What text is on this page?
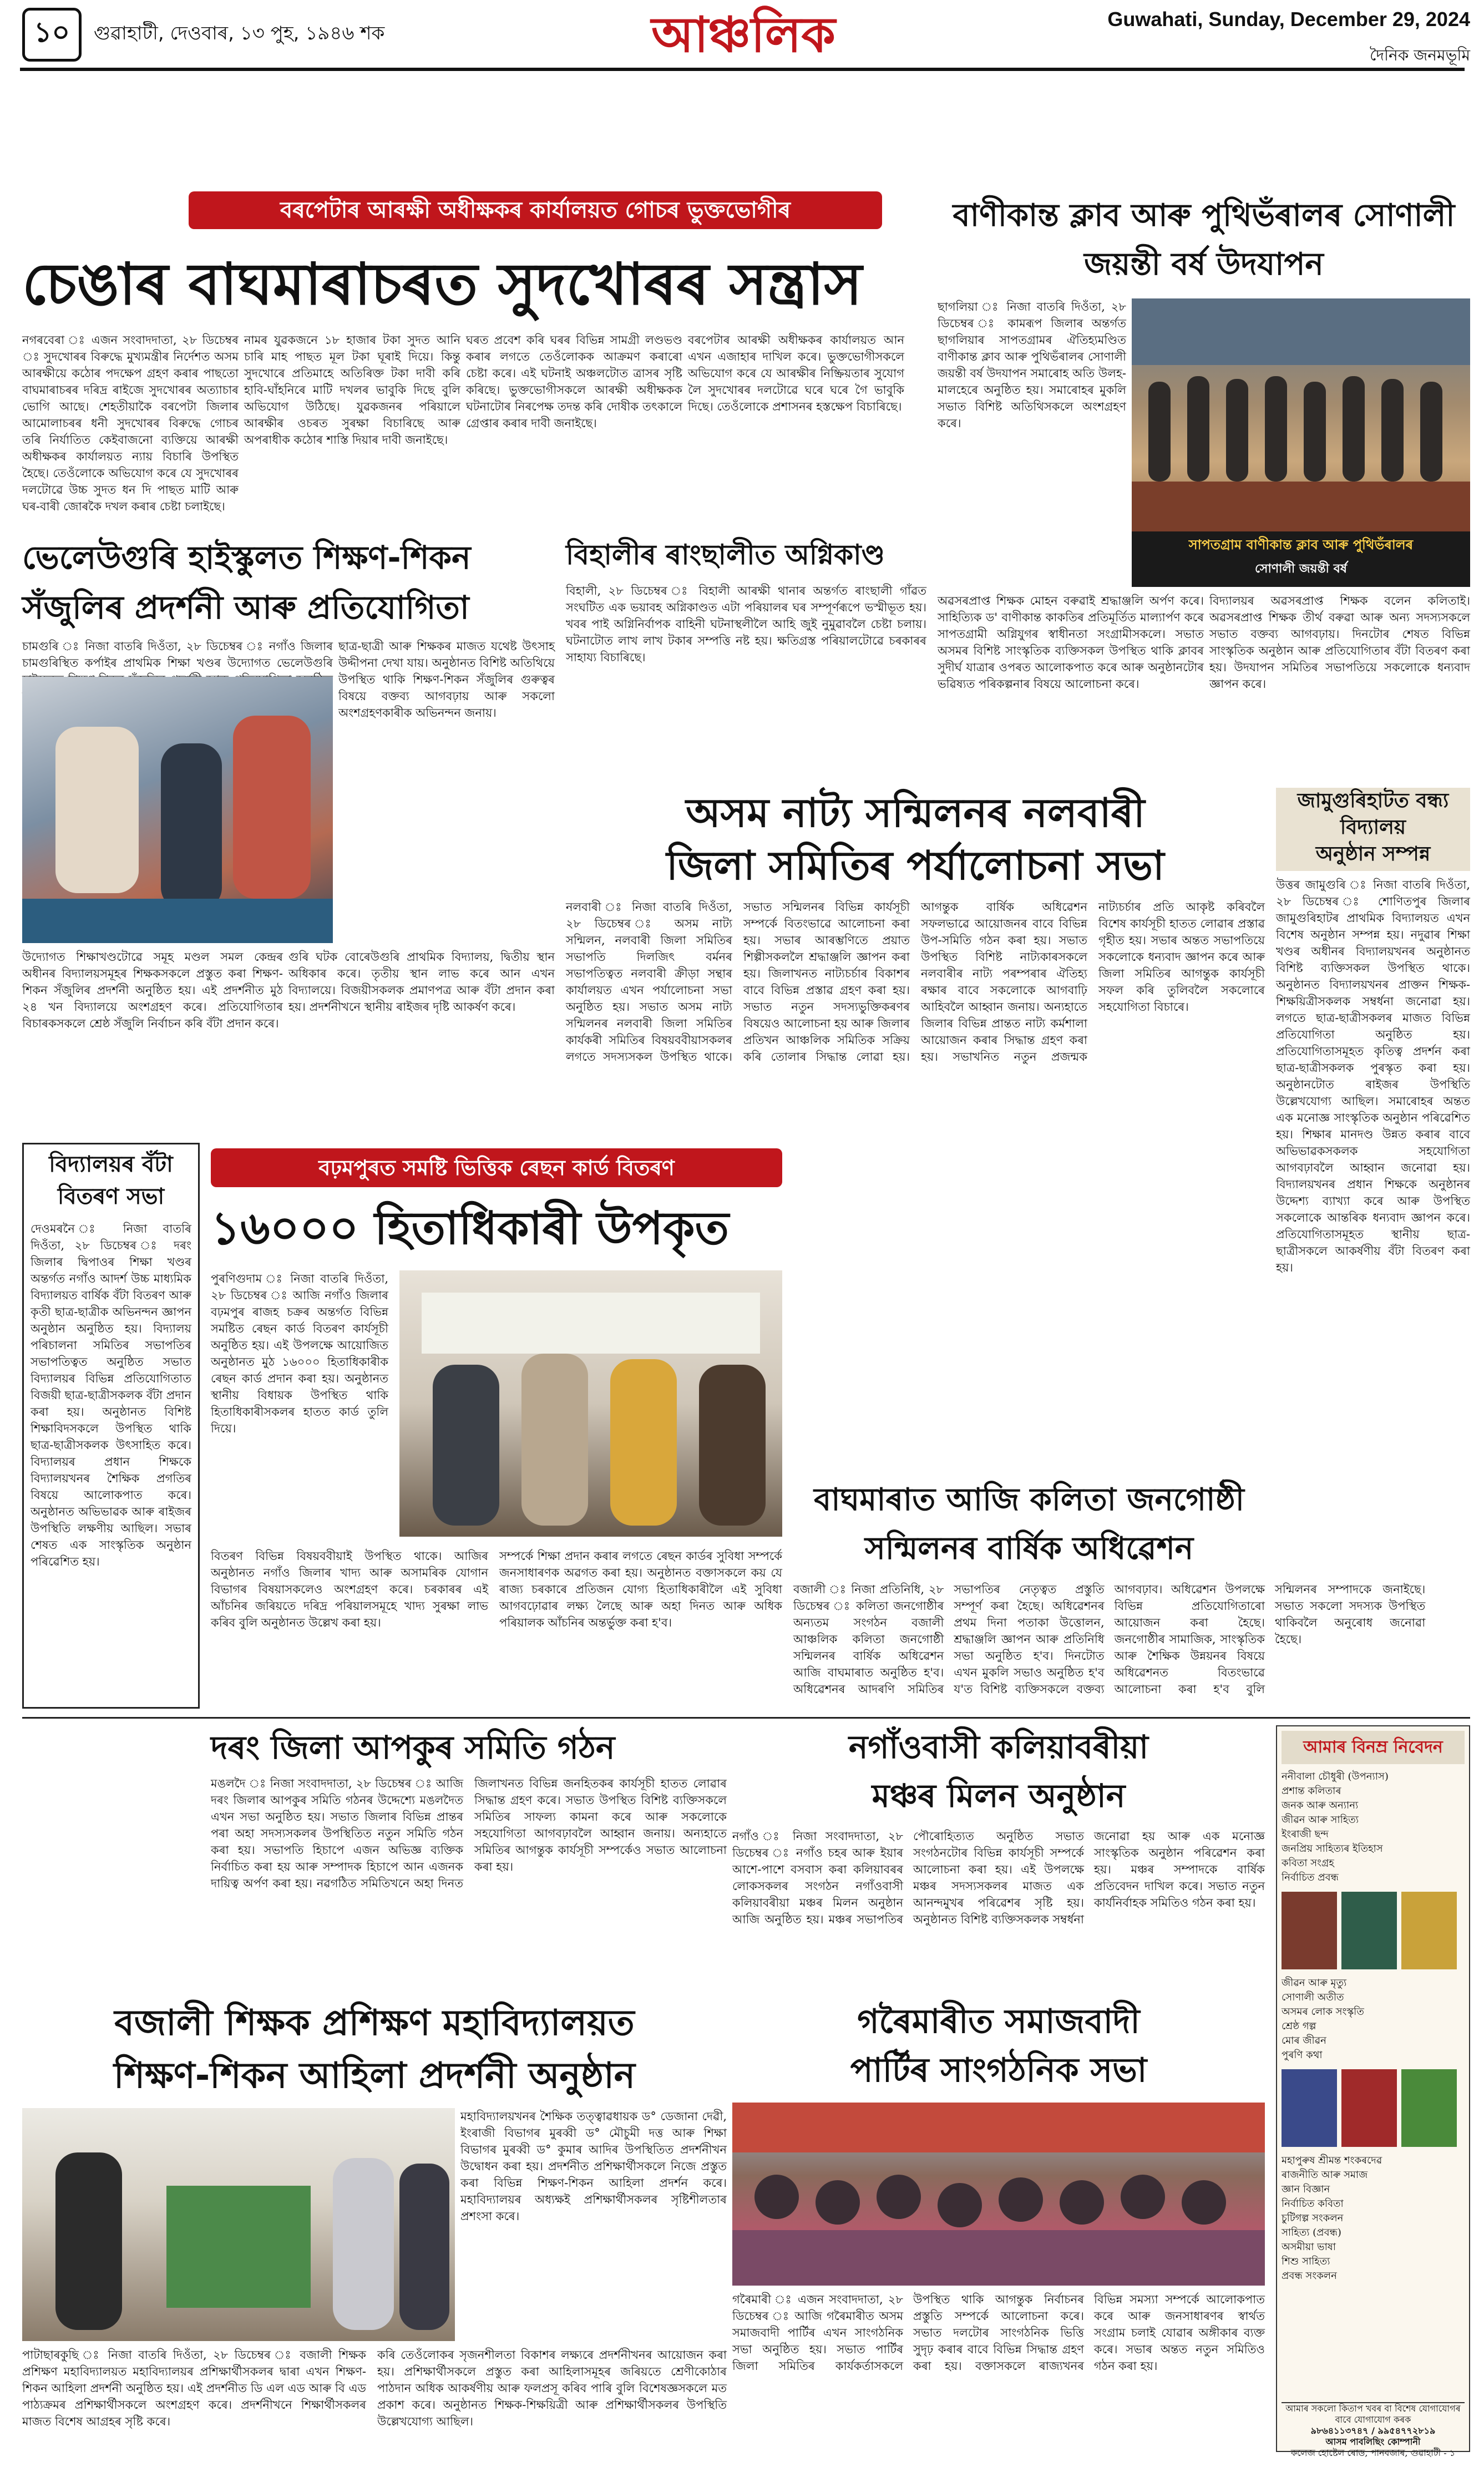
১০	গুৱাহাটী, দেওবাৰ, ১৩ পুহ, ১৯৪৬ শক	আঞ্চলিক	Guwahati, Sunday, December 29, 2024
দৈনিক জনমভূমি
বৰপেটাৰ আৰক্ষী অধীক্ষকৰ কাৰ্যালয়ত গোচৰ ভুক্তভোগীৰ
চেঙাৰ বাঘমাৰাচৰত সুদখোৰৰ সন্ত্ৰাস
নগৰবেৰা ঃ এজন সংবাদদাতা, ২৮ ডিচেম্বৰ ঃ সুদখোৰৰ বিৰুদ্ধে মুখ্যমন্ত্ৰীৰ নিৰ্দেশত অসম আৰক্ষীয়ে কঠোৰ পদক্ষেপ গ্ৰহণ কৰাৰ পাছতো বাঘমাৰাচৰৰ দৰিদ্ৰ ৰাইজে সুদখোৰৰ অত্যাচাৰ ভোগি আছে। শেহতীয়াকৈ বৰপেটা জিলাৰ আমোলাচৰৰ ধনী সুদখোৰৰ বিৰুদ্ধে গোচৰ তৰি নিৰ্যাতিত কেইবাজনো ব্যক্তিয়ে আৰক্ষী অধীক্ষকৰ কাৰ্যালয়ত ন্যায় বিচাৰি উপস্থিত হৈছে। তেওঁলোকে অভিযোগ কৰে যে সুদখোৰৰ দলটোৱে উচ্চ সুদত ধন দি পাছত মাটি আৰু ঘৰ-বাৰী জোৰকৈ দখল কৰাৰ চেষ্টা চলাইছে।
নামৰ যুৱকজনে ১৮ হাজাৰ টকা সুদত আনি চাৰি মাহ পাছত মূল টকা ঘূৰাই দিয়ে। কিন্তু সুদখোৰে প্ৰতিমাহে অতিৰিক্ত টকা দাবী কৰি হাবি-ঘাঁহনিৰে মাটি দখলৰ ভাবুকি দিছে বুলি অভিযোগ উঠিছে। যুৱকজনৰ পৰিয়ালে আৰক্ষীৰ ওচৰত সুৰক্ষা বিচাৰিছে আৰু অপৰাধীক কঠোৰ শাস্তি দিয়াৰ দাবী জনাইছে।
ঘৰত প্ৰবেশ কৰি ঘৰৰ বিভিন্ন সামগ্ৰী লণ্ডভণ্ড কৰাৰ লগতে তেওঁলোকক আক্ৰমণ কৰাৰো চেষ্টা কৰে। এই ঘটনাই অঞ্চলটোত ত্ৰাসৰ সৃষ্টি কৰিছে। ভুক্তভোগীসকলে আৰক্ষী অধীক্ষকক ঘটনাটোৰ নিৰপেক্ষ তদন্ত কৰি দোষীক তৎকালে গ্ৰেপ্তাৰ কৰাৰ দাবী জনাইছে।
বৰপেটাৰ আৰক্ষী অধীক্ষকৰ কাৰ্যালয়ত আন এখন এজাহাৰ দাখিল কৰে। ভুক্তভোগীসকলে অভিযোগ কৰে যে আৰক্ষীৰ নিষ্ক্ৰিয়তাৰ সুযোগ লৈ সুদখোৰৰ দলটোৱে ঘৰে ঘৰে গৈ ভাবুকি দিছে। তেওঁলোকে প্ৰশাসনৰ হস্তক্ষেপ বিচাৰিছে।
বাণীকান্ত ক্লাব আৰু পুথিভঁৰালৰ সোণালী জয়ন্তী বৰ্ষ উদযাপন
ছাগলিয়া ঃ নিজা বাতৰি দিওঁতা, ২৮ ডিচেম্বৰ ঃ কামৰূপ জিলাৰ অন্তৰ্গত ছাগলিয়াৰ সাপতগ্ৰামৰ ঐতিহ্যমণ্ডিত বাণীকান্ত ক্লাব আৰু পুথিভঁৰালৰ সোণালী জয়ন্তী বৰ্ষ উদযাপন সমাৰোহ অতি উলহ-মালহেৰে অনুষ্ঠিত হয়। সমাৰোহৰ মুকলি সভাত বিশিষ্ট অতিথিসকলে অংশগ্ৰহণ কৰে।
সাপতগ্ৰাম বাণীকান্ত ক্লাব আৰু পুথিভঁৰালৰ
সোণালী জয়ন্তী বৰ্ষ
অৱসৰপ্ৰাপ্ত শিক্ষক মোহন বৰুৱাই শ্ৰদ্ধাঞ্জলি অৰ্পণ কৰে। সাহিত্যিক ড' বাণীকান্ত কাকতিৰ প্ৰতিমূৰ্তিত মাল্যাৰ্পণ কৰে সাপতগ্ৰামী অগ্নিযুগৰ স্বাধীনতা সংগ্ৰামীসকলে। সভাত অসমৰ বিশিষ্ট সাংস্কৃতিক ব্যক্তিসকল উপস্থিত থাকি ক্লাবৰ সুদীৰ্ঘ যাত্ৰাৰ ওপৰত আলোকপাত কৰে আৰু অনুষ্ঠানটোৰ ভৱিষ্যত পৰিকল্পনাৰ বিষয়ে আলোচনা কৰে।
বিদ্যালয়ৰ অৱসৰপ্ৰাপ্ত শিক্ষক বলেন কলিতাই। অৱসৰপ্ৰাপ্ত শিক্ষক তীৰ্থ বৰুৱা আৰু অন্য সদস্যসকলে সভাত বক্তব্য আগবঢ়ায়। দিনটোৰ শেষত বিভিন্ন সাংস্কৃতিক অনুষ্ঠান আৰু প্ৰতিযোগিতাৰ বঁটা বিতৰণ কৰা হয়। উদযাপন সমিতিৰ সভাপতিয়ে সকলোকে ধন্যবাদ জ্ঞাপন কৰে।
ভেলেউগুৰি হাইস্কুলত শিক্ষণ-শিকন
সঁজুলিৰ প্ৰদৰ্শনী আৰু প্ৰতিযোগিতা
চামগুৰি ঃ নিজা বাতৰি দিওঁতা, ২৮ ডিচেম্বৰ ঃ নগাঁও জিলাৰ চামগুৰিস্থিত কৰ্পাইৰ প্ৰাথমিক শিক্ষা খণ্ডৰ উদ্যোগত ভেলেউগুৰি
ছাত্ৰ-ছাত্ৰী আৰু শিক্ষকৰ মাজত যথেষ্ট উৎসাহ উদ্দীপনা দেখা যায়। অনুষ্ঠানত বিশিষ্ট অতিথিয়ে উপস্থিত থাকি শিক্ষণ-শিকন সঁজুলিৰ গুৰুত্বৰ বিষয়ে বক্তব্য আগবঢ়ায় আৰু সকলো অংশগ্ৰহণকাৰীক অভিনন্দন জনায়।
উদ্যোগত শিক্ষাখণ্ডটোৱে সমূহ মণ্ডল সমল কেন্দ্ৰৰ অধীনৰ বিদ্যালয়সমূহৰ শিক্ষকসকলে প্ৰস্তুত কৰা শিক্ষণ-শিকন সঁজুলিৰ প্ৰদৰ্শনী অনুষ্ঠিত হয়। এই প্ৰদৰ্শনীত মুঠ ২৪ খন বিদ্যালয়ে অংশগ্ৰহণ কৰে। প্ৰতিযোগিতাৰ বিচাৰকসকলে শ্ৰেষ্ঠ সঁজুলি নিৰ্বাচন কৰি বঁটা প্ৰদান কৰে।
গুৰি ঘটক বোৰেউগুৰি প্ৰাথমিক বিদ্যালয়, দ্বিতীয় স্থান অধিকাৰ কৰে। তৃতীয় স্থান লাভ কৰে আন এখন বিদ্যালয়ে। বিজয়ীসকলক প্ৰমাণপত্ৰ আৰু বঁটা প্ৰদান কৰা হয়। প্ৰদৰ্শনীখনে স্থানীয় ৰাইজৰ দৃষ্টি আকৰ্ষণ কৰে।
বিহালীৰ ৰাংছালীত অগ্নিকাণ্ড
বিহালী, ২৮ ডিচেম্বৰ ঃ বিহালী আৰক্ষী থানাৰ অন্তৰ্গত ৰাংছালী গাঁৱত সংঘটিত এক ভয়াবহ অগ্নিকাণ্ডত এটা পৰিয়ালৰ ঘৰ সম্পূৰ্ণৰূপে ভস্মীভূত হয়। খবৰ পাই অগ্নিনিৰ্বাপক বাহিনী ঘটনাস্থলীলৈ আহি জুই নুমুৱাবলৈ চেষ্টা চলায়। ঘটনাটোত লাখ লাখ টকাৰ সম্পত্তি নষ্ট হয়। ক্ষতিগ্ৰস্ত পৰিয়ালটোৱে চৰকাৰৰ সাহায্য বিচাৰিছে।
অসম নাট্য সন্মিলনৰ নলবাৰী
জিলা সমিতিৰ পৰ্যালোচনা সভা
নলবাৰী ঃ নিজা বাতৰি দিওঁতা, ২৮ ডিচেম্বৰ ঃ অসম নাট্য সন্মিলন, নলবাৰী জিলা সমিতিৰ সভাপতি দিলজিৎ বৰ্মনৰ সভাপতিত্বত নলবাৰী ক্ৰীড়া সন্থাৰ কাৰ্যালয়ত এখন পৰ্যালোচনা সভা অনুষ্ঠিত হয়। সভাত অসম নাট্য সন্মিলনৰ নলবাৰী জিলা সমিতিৰ কাৰ্যকৰী সমিতিৰ বিষয়ববীয়াসকলৰ লগতে সদস্যসকল উপস্থিত থাকে। সভাত সন্মিলনৰ বিভিন্ন কাৰ্যসূচী সম্পৰ্কে বিতংভাৱে আলোচনা কৰা হয়। সভাৰ আৰম্ভণিতে প্ৰয়াত শিল্পীসকললৈ শ্ৰদ্ধাঞ্জলি জ্ঞাপন কৰা হয়। জিলাখনত নাট্যচৰ্চাৰ বিকাশৰ বাবে বিভিন্ন প্ৰস্তাৱ গ্ৰহণ কৰা হয়। সভাত নতুন সদস্যভুক্তিকৰণৰ বিষয়েও আলোচনা হয় আৰু জিলাৰ প্ৰতিখন আঞ্চলিক সমিতিক সক্ৰিয় কৰি তোলাৰ সিদ্ধান্ত লোৱা হয়। আগন্তুক বাৰ্ষিক অধিৱেশন সফলভাৱে আয়োজনৰ বাবে বিভিন্ন উপ-সমিতি গঠন কৰা হয়। সভাত উপস্থিত বিশিষ্ট নাট্যকাৰসকলে নলবাৰীৰ নাট্য পৰম্পৰাৰ ঐতিহ্য ৰক্ষাৰ বাবে সকলোকে আগবাঢ়ি আহিবলৈ আহ্বান জনায়। অন্যহাতে জিলাৰ বিভিন্ন প্ৰান্তত নাট্য কৰ্মশালা আয়োজন কৰাৰ সিদ্ধান্ত গ্ৰহণ কৰা হয়। সভাখনিত নতুন প্ৰজন্মক নাট্যচৰ্চাৰ প্ৰতি আকৃষ্ট কৰিবলৈ বিশেষ কাৰ্যসূচী হাতত লোৱাৰ প্ৰস্তাৱ গৃহীত হয়। সভাৰ অন্তত সভাপতিয়ে সকলোকে ধন্যবাদ জ্ঞাপন কৰে আৰু জিলা সমিতিৰ আগন্তুক কাৰ্যসূচী সফল কৰি তুলিবলৈ সকলোৰে সহযোগিতা বিচাৰে।
জামুগুৰিহাটত বন্ধ্য বিদ্যালয়
অনুষ্ঠান সম্পন্ন
উত্তৰ জামুগুৰি ঃ নিজা বাতৰি দিওঁতা, ২৮ ডিচেম্বৰ ঃ শোণিতপুৰ জিলাৰ জামুগুৰিহাটৰ প্ৰাথমিক বিদ্যালয়ত এখন বিশেষ অনুষ্ঠান সম্পন্ন হয়। নদুৱাৰ শিক্ষা খণ্ডৰ অধীনৰ বিদ্যালয়খনৰ অনুষ্ঠানত বিশিষ্ট ব্যক্তিসকল উপস্থিত থাকে। অনুষ্ঠানত বিদ্যালয়খনৰ প্ৰাক্তন শিক্ষক-শিক্ষয়িত্ৰীসকলক সম্বৰ্ধনা জনোৱা হয়। লগতে ছাত্ৰ-ছাত্ৰীসকলৰ মাজত বিভিন্ন প্ৰতিযোগিতা অনুষ্ঠিত হয়। প্ৰতিযোগিতাসমূহত কৃতিত্ব প্ৰদৰ্শন কৰা ছাত্ৰ-ছাত্ৰীসকলক পুৰস্কৃত কৰা হয়। অনুষ্ঠানটোত ৰাইজৰ উপস্থিতি উল্লেখযোগ্য আছিল। সমাৰোহৰ অন্তত এক মনোজ্ঞ সাংস্কৃতিক অনুষ্ঠান পৰিৱেশিত হয়। শিক্ষাৰ মানদণ্ড উন্নত কৰাৰ বাবে অভিভাৱকসকলক সহযোগিতা আগবঢ়াবলৈ আহ্বান জনোৱা হয়। বিদ্যালয়খনৰ প্ৰধান শিক্ষকে অনুষ্ঠানৰ উদ্দেশ্য ব্যাখ্যা কৰে আৰু উপস্থিত সকলোকে আন্তৰিক ধন্যবাদ জ্ঞাপন কৰে। প্ৰতিযোগিতাসমূহত স্থানীয় ছাত্ৰ-ছাত্ৰীসকলে আকৰ্ষণীয় বঁটা বিতৰণ কৰা হয়।
বিদ্যালয়ৰ বঁটা বিতৰণ সভা
দেওমৰনৈ ঃ নিজা বাতৰি দিওঁতা, ২৮ ডিচেম্বৰ ঃ দৰং জিলাৰ দ্বিপাওৰ শিক্ষা খণ্ডৰ অন্তৰ্গত নগাঁও আদৰ্শ উচ্চ মাধ্যমিক বিদ্যালয়ত বাৰ্ষিক বঁটা বিতৰণ আৰু কৃতী ছাত্ৰ-ছাত্ৰীক অভিনন্দন জ্ঞাপন অনুষ্ঠান অনুষ্ঠিত হয়। বিদ্যালয় পৰিচালনা সমিতিৰ সভাপতিৰ সভাপতিত্বত অনুষ্ঠিত সভাত বিদ্যালয়ৰ বিভিন্ন প্ৰতিযোগিতাত বিজয়ী ছাত্ৰ-ছাত্ৰীসকলক বঁটা প্ৰদান কৰা হয়। অনুষ্ঠানত বিশিষ্ট শিক্ষাবিদসকলে উপস্থিত থাকি ছাত্ৰ-ছাত্ৰীসকলক উৎসাহিত কৰে। বিদ্যালয়ৰ প্ৰধান শিক্ষকে বিদ্যালয়খনৰ শৈক্ষিক প্ৰগতিৰ বিষয়ে আলোকপাত কৰে। অনুষ্ঠানত অভিভাৱক আৰু ৰাইজৰ উপস্থিতি লক্ষণীয় আছিল। সভাৰ শেষত এক সাংস্কৃতিক অনুষ্ঠান পৰিৱেশিত হয়।
বঢ়মপুৰত সমষ্টি ভিত্তিক ৰেছন কাৰ্ড বিতৰণ
১৬০০০ হিতাধিকাৰী উপকৃত
পুৰণিগুদাম ঃ নিজা বাতৰি দিওঁতা, ২৮ ডিচেম্বৰ ঃ আজি নগাঁও জিলাৰ বঢ়মপুৰ ৰাজহ চক্ৰৰ অন্তৰ্গত বিভিন্ন সমষ্টিত ৰেছন কাৰ্ড বিতৰণ কাৰ্যসূচী অনুষ্ঠিত হয়। এই উপলক্ষে আয়োজিত অনুষ্ঠানত মুঠ ১৬০০০ হিতাধিকাৰীক ৰেছন কাৰ্ড প্ৰদান কৰা হয়। অনুষ্ঠানত স্থানীয় বিধায়ক উপস্থিত থাকি হিতাধিকাৰীসকলৰ হাতত কাৰ্ড তুলি দিয়ে।
বিতৰণ বিভিন্ন বিষয়ববীয়াই উপস্থিত থাকে। আজিৰ অনুষ্ঠানত নগাঁও জিলাৰ খাদ্য আৰু অসামৰিক যোগান বিভাগৰ বিষয়াসকলেও অংশগ্ৰহণ কৰে। চৰকাৰৰ এই আঁচনিৰ জৰিয়তে দৰিদ্ৰ পৰিয়ালসমূহে খাদ্য সুৰক্ষা লাভ কৰিব বুলি অনুষ্ঠানত উল্লেখ কৰা হয়।
সম্পৰ্কে শিক্ষা প্ৰদান কৰাৰ লগতে ৰেছন কাৰ্ডৰ সুবিধা সম্পৰ্কে জনসাধাৰণক অৱগত কৰা হয়। অনুষ্ঠানত বক্তাসকলে কয় যে ৰাজ্য চৰকাৰে প্ৰতিজন যোগ্য হিতাধিকাৰীলৈ এই সুবিধা আগবঢ়োৱাৰ লক্ষ্য লৈছে আৰু অহা দিনত আৰু অধিক পৰিয়ালক আঁচনিৰ অন্তৰ্ভুক্ত কৰা হ'ব।
বাঘমাৰাত আজি কলিতা জনগোষ্ঠী
সন্মিলনৰ বাৰ্ষিক অধিৱেশন
বজালী ঃ নিজা প্ৰতিনিধি, ২৮ ডিচেম্বৰ ঃ কলিতা জনগোষ্ঠীৰ অন্যতম সংগঠন বজালী আঞ্চলিক কলিতা জনগোষ্ঠী সন্মিলনৰ বাৰ্ষিক অধিৱেশন আজি বাঘমাৰাত অনুষ্ঠিত হ'ব। অধিৱেশনৰ আদৰণি সমিতিৰ সভাপতিৰ নেতৃত্বত প্ৰস্তুতি সম্পূৰ্ণ কৰা হৈছে। অধিৱেশনৰ প্ৰথম দিনা পতাকা উত্তোলন, শ্ৰদ্ধাঞ্জলি জ্ঞাপন আৰু প্ৰতিনিধি সভা অনুষ্ঠিত হ'ব। দিনটোত এখন মুকলি সভাও অনুষ্ঠিত হ'ব য'ত বিশিষ্ট ব্যক্তিসকলে বক্তব্য আগবঢ়াব। অধিৱেশন উপলক্ষে বিভিন্ন প্ৰতিযোগিতাৰো আয়োজন কৰা হৈছে। জনগোষ্ঠীৰ সামাজিক, সাংস্কৃতিক আৰু শৈক্ষিক উন্নয়নৰ বিষয়ে অধিৱেশনত বিতংভাৱে আলোচনা কৰা হ'ব বুলি সন্মিলনৰ সম্পাদকে জনাইছে। সভাত সকলো সদস্যক উপস্থিত থাকিবলৈ অনুৰোধ জনোৱা হৈছে।
দৰং জিলা আপকুৰ সমিতি গঠন
মঙলদৈ ঃ নিজা সংবাদদাতা, ২৮ ডিচেম্বৰ ঃ আজি দৰং জিলাৰ আপকুৰ সমিতি গঠনৰ উদ্দেশ্যে মঙলদৈত এখন সভা অনুষ্ঠিত হয়। সভাত জিলাৰ বিভিন্ন প্ৰান্তৰ পৰা অহা সদস্যসকলৰ উপস্থিতিত নতুন সমিতি গঠন কৰা হয়। সভাপতি হিচাপে এজন অভিজ্ঞ ব্যক্তিক নিৰ্বাচিত কৰা হয় আৰু সম্পাদক হিচাপে আন এজনক দায়িত্ব অৰ্পণ কৰা হয়। নৱগঠিত সমিতিখনে অহা দিনত জিলাখনত বিভিন্ন জনহিতকৰ কাৰ্যসূচী হাতত লোৱাৰ সিদ্ধান্ত গ্ৰহণ কৰে। সভাত উপস্থিত বিশিষ্ট ব্যক্তিসকলে সমিতিৰ সাফল্য কামনা কৰে আৰু সকলোকে সহযোগিতা আগবঢ়াবলৈ আহ্বান জনায়। অন্যহাতে সমিতিৰ আগন্তুক কাৰ্যসূচী সম্পৰ্কেও সভাত আলোচনা কৰা হয়।
নগাঁওবাসী কলিয়াবৰীয়া
মঞ্চৰ মিলন অনুষ্ঠান
নগাঁও ঃ নিজা সংবাদদাতা, ২৮ ডিচেম্বৰ ঃ নগাঁও চহৰ আৰু ইয়াৰ আশে-পাশে বসবাস কৰা কলিয়াবৰৰ লোকসকলৰ সংগঠন নগাঁওবাসী কলিয়াবৰীয়া মঞ্চৰ মিলন অনুষ্ঠান আজি অনুষ্ঠিত হয়। মঞ্চৰ সভাপতিৰ পৌৰোহিত্যত অনুষ্ঠিত সভাত সংগঠনটোৰ বিভিন্ন কাৰ্যসূচী সম্পৰ্কে আলোচনা কৰা হয়। এই উপলক্ষে মঞ্চৰ সদস্যসকলৰ মাজত এক আনন্দমুখৰ পৰিৱেশৰ সৃষ্টি হয়। অনুষ্ঠানত বিশিষ্ট ব্যক্তিসকলক সম্বৰ্ধনা জনোৱা হয় আৰু এক মনোজ্ঞ সাংস্কৃতিক অনুষ্ঠান পৰিৱেশন কৰা হয়। মঞ্চৰ সম্পাদকে বাৰ্ষিক প্ৰতিবেদন দাখিল কৰে। সভাত নতুন কাৰ্যনিৰ্বাহক সমিতিও গঠন কৰা হয়।
গৰৈমাৰীত সমাজবাদী
পাৰ্টিৰ সাংগঠনিক সভা
গৰৈমাৰী ঃ এজন সংবাদদাতা, ২৮ ডিচেম্বৰ ঃ আজি গৰৈমাৰীত অসম সমাজবাদী পাৰ্টিৰ এখন সাংগঠনিক সভা অনুষ্ঠিত হয়। সভাত পাৰ্টিৰ জিলা সমিতিৰ কাৰ্যকৰ্তাসকলে উপস্থিত থাকি আগন্তুক নিৰ্বাচনৰ প্ৰস্তুতি সম্পৰ্কে আলোচনা কৰে। সভাত দলটোৰ সাংগঠনিক ভিত্তি সুদৃঢ় কৰাৰ বাবে বিভিন্ন সিদ্ধান্ত গ্ৰহণ কৰা হয়। বক্তাসকলে ৰাজ্যখনৰ বিভিন্ন সমস্যা সম্পৰ্কে আলোকপাত কৰে আৰু জনসাধাৰণৰ স্বাৰ্থত সংগ্ৰাম চলাই যোৱাৰ অঙ্গীকাৰ ব্যক্ত কৰে। সভাৰ অন্তত নতুন সমিতিও গঠন কৰা হয়।
বজালী শিক্ষক প্ৰশিক্ষণ মহাবিদ্যালয়ত
শিক্ষণ-শিকন আহিলা প্ৰদৰ্শনী অনুষ্ঠান
মহাবিদ্যালয়খনৰ শৈক্ষিক তত্ত্বাৱধায়ক ড° ডেজানা দেৱী, ইংৰাজী বিভাগৰ মুৰব্বী ড° মৌচুমী দত্ত আৰু শিক্ষা বিভাগৰ মুৰব্বী ড° কুমাৰ আদিৰ উপস্থিতিত প্ৰদৰ্শনীখন উদ্বোধন কৰা হয়। প্ৰদৰ্শনীত প্ৰশিক্ষাৰ্থীসকলে নিজে প্ৰস্তুত কৰা বিভিন্ন শিক্ষণ-শিকন আহিলা প্ৰদৰ্শন কৰে। মহাবিদ্যালয়ৰ অধ্যক্ষই প্ৰশিক্ষাৰ্থীসকলৰ সৃষ্টিশীলতাৰ প্ৰশংসা কৰে।
পাটাছাৰকুছি ঃ নিজা বাতৰি দিওঁতা, ২৮ ডিচেম্বৰ ঃ বজালী শিক্ষক প্ৰশিক্ষণ মহাবিদ্যালয়ত মহাবিদ্যালয়ৰ প্ৰশিক্ষাৰ্থীসকলৰ দ্বাৰা এখন শিক্ষণ-শিকন আহিলা প্ৰদৰ্শনী অনুষ্ঠিত হয়। এই প্ৰদৰ্শনীত ডি এল এড আৰু বি এড পাঠ্যক্ৰমৰ প্ৰশিক্ষাৰ্থীসকলে অংশগ্ৰহণ কৰে। প্ৰদৰ্শনীখনে শিক্ষাৰ্থীসকলৰ মাজত বিশেষ আগ্ৰহৰ সৃষ্টি কৰে।
কৰি তেওঁলোকৰ সৃজনশীলতা বিকাশৰ লক্ষ্যৰে প্ৰদৰ্শনীখনৰ আয়োজন কৰা হয়। প্ৰশিক্ষাৰ্থীসকলে প্ৰস্তুত কৰা আহিলাসমূহৰ জৰিয়তে শ্ৰেণীকোঠাৰ পাঠদান অধিক আকৰ্ষণীয় আৰু ফলপ্ৰসূ কৰিব পাৰি বুলি বিশেষজ্ঞসকলে মত প্ৰকাশ কৰে। অনুষ্ঠানত শিক্ষক-শিক্ষয়িত্ৰী আৰু প্ৰশিক্ষাৰ্থীসকলৰ উপস্থিতি উল্লেখযোগ্য আছিল।
আমাৰ বিনম্ৰ নিবেদন
ননীবালা চৌধুৰী (উপন্যাস)
প্ৰশান্ত কলিতাৰ
জনক আৰু অন্যান্য
জীৱন আৰু সাহিত্য
ইংৰাজী ছন্দ
জনপ্ৰিয় সাহিত্যৰ ইতিহাস
কবিতা সংগ্ৰহ
নিৰ্বাচিত প্ৰবন্ধ
জীৱন আৰু মৃত্যু
সোণালী অতীত
অসমৰ লোক সংস্কৃতি
শ্ৰেষ্ঠ গল্প
মোৰ জীৱন
পুৰণি কথা
মহাপুৰুষ শ্ৰীমন্ত শংকৰদেৱ
ৰাজনীতি আৰু সমাজ
জ্ঞান বিজ্ঞান
নিৰ্বাচিত কবিতা
চুটিগল্প সংকলন
সাহিত্য (প্ৰবন্ধ)
অসমীয়া ভাষা
শিশু সাহিত্য
প্ৰবন্ধ সংকলন
আমাৰ সকলো কিতাপ খবৰ বা বিশেষ যোগাযোগৰ বাবে যোগাযোগ কৰক
৯৮৬৪১১৩৭৪৭ / ৯৯৫৪৭৭২৮১৯
আসম পাবলিছিং কোম্পানী
কলেজ হোষ্টেল ৰোড, পানবজাৰ, গুৱাহাটী - ১
